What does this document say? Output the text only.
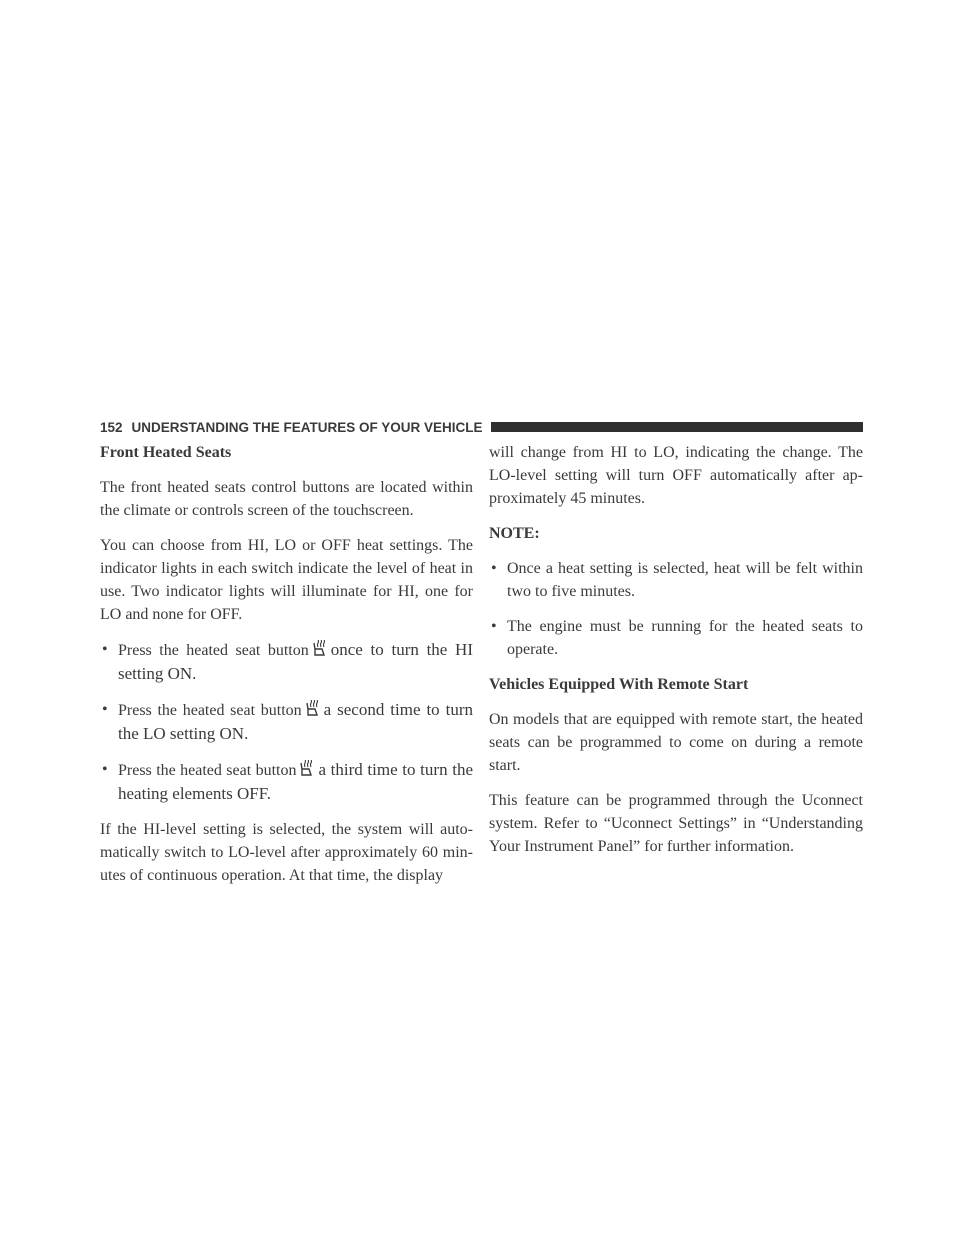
152 UNDERSTANDING THE FEATURES OF YOUR VEHICLE
Front Heated Seats

The front heated seats control buttons are located within the climate or controls screen of the touchscreen.

You can choose from HI, LO or OFF heat settings. The indicator lights in each switch indicate the level of heat in use. Two indicator lights will illuminate for HI, one for LO and none for OFF.

• Press the heated seat button once to turn the HI setting ON.
• Press the heated seat button a second time to turn the LO setting ON.
• Press the heated seat button a third time to turn the heating elements OFF.

If the HI-level setting is selected, the system will auto-matically switch to LO-level after approximately 60 min-utes of continuous operation. At that time, the display

will change from HI to LO, indicating the change. The LO-level setting will turn OFF automatically after ap-proximately 45 minutes.

NOTE:
• Once a heat setting is selected, heat will be felt within two to five minutes.
• The engine must be running for the heated seats to operate.
Vehicles Equipped With Remote Start

On models that are equipped with remote start, the heated seats can be programmed to come on during a remote start.

This feature can be programmed through the Uconnect system. Refer to “Uconnect Settings” in “Understanding Your Instrument Panel” for further information.
